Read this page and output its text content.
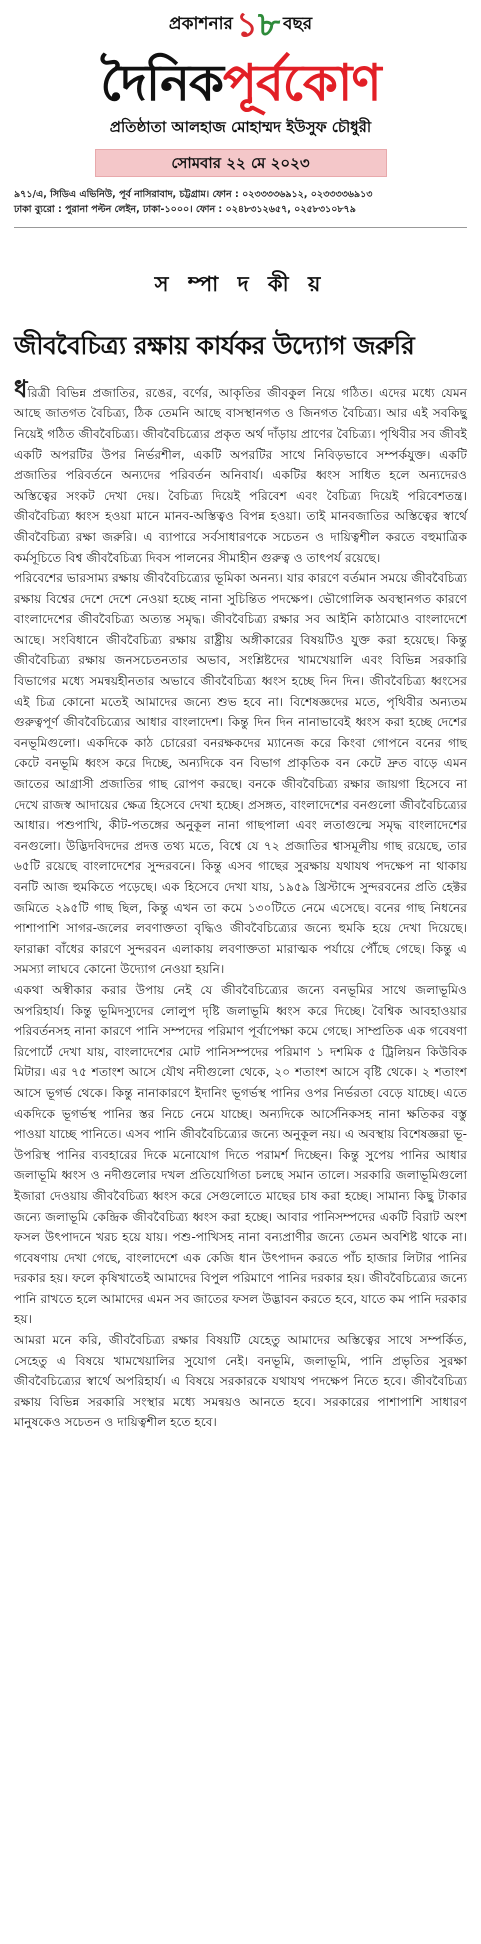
প্রকাশনার ১৮ বছর
দৈনিক পূর্বকোণ
প্রতিষ্ঠাতা আলহাজ মোহাম্মদ ইউসুফ চৌধুরী
সোমবার ২২ মে ২০২৩
৯৭১/এ, সিডিএ এভিনিউ, পূর্ব নাসিরাবাদ, চট্টগ্রাম। ফোন : ০২৩৩৩৩৬৯১২, ০২৩৩৩৩৬৯১৩
ঢাকা ব্যুরো : পুরানা পল্টন লেইন, ঢাকা-১০০০। ফোন : ০২৪৮৩১২৬৫৭, ০২৫৮৩১০৮৭৯
স ম্পা দ কী য়
জীববৈচিত্র্য রক্ষায় কার্যকর উদ্যোগ জরুরি

ধরিত্রী বিভিন্ন প্রজাতির, রঙের, বর্ণের, আকৃতির জীবকুল নিয়ে গঠিত। এদের মধ্যে যেমন আছে জাতগত বৈচিত্র্য, ঠিক তেমনি আছে বাসস্থানগত ও জিনগত বৈচিত্র্য। আর এই সবকিছু নিয়েই গঠিত জীববৈচিত্র্য। জীববৈচিত্র্যের প্রকৃত অর্থ দাঁড়ায় প্রাণের বৈচিত্র্য। পৃথিবীর সব জীবই একটি অপরটির উপর নির্ভরশীল, একটি অপরটির সাথে নিবিড়ভাবে সম্পর্কযুক্ত। একটি প্রজাতির পরিবর্তনে অন্যদের পরিবর্তন অনিবার্য। একটির ধ্বংস সাধিত হলে অন্যদেরও অস্তিত্বের সংকট দেখা দেয়। বৈচিত্র্য দিয়েই পরিবেশ এবং বৈচিত্র্য দিয়েই পরিবেশতন্ত্র। জীববৈচিত্র্য ধ্বংস হওয়া মানে মানব-অস্তিত্বও বিপন্ন হওয়া। তাই মানবজাতির অস্তিত্বের স্বার্থে জীববৈচিত্র্য রক্ষা জরুরি। এ ব্যাপারে সর্বসাধারণকে সচেতন ও দায়িত্বশীল করতে বহুমাত্রিক কর্মসূচিতে বিশ্ব জীববৈচিত্র্য দিবস পালনের সীমাহীন গুরুত্ব ও তাৎপর্য রয়েছে।

পরিবেশের ভারসাম্য রক্ষায় জীববৈচিত্র্যের ভূমিকা অনন্য। যার কারণে বর্তমান সময়ে জীববৈচিত্র্য রক্ষায় বিশ্বের দেশে দেশে নেওয়া হচ্ছে নানা সুচিন্তিত পদক্ষেপ। ভৌগোলিক অবস্থানগত কারণে বাংলাদেশের জীববৈচিত্র্য অত্যন্ত সমৃদ্ধ। জীববৈচিত্র্য রক্ষার সব আইনি কাঠামোও বাংলাদেশে আছে। সংবিধানে জীববৈচিত্র্য রক্ষায় রাষ্ট্রীয় অঙ্গীকারের বিষয়টিও যুক্ত করা হয়েছে। কিন্তু জীববৈচিত্র্য রক্ষায় জনসচেতনতার অভাব, সংশ্লিষ্টদের খামখেয়ালি এবং বিভিন্ন সরকারি বিভাগের মধ্যে সমন্বয়হীনতার অভাবে জীববৈচিত্র্য ধ্বংস হচ্ছে দিন দিন। জীববৈচিত্র্য ধ্বংসের এই চিত্র কোনো মতেই আমাদের জন্যে শুভ হবে না। বিশেষজ্ঞদের মতে, পৃথিবীর অন্যতম গুরুত্বপূর্ণ জীববৈচিত্র্যের আধার বাংলাদেশ। কিন্তু দিন দিন নানাভাবেই ধ্বংস করা হচ্ছে দেশের বনভূমিগুলো। একদিকে কাঠ চোরেরা বনরক্ষকদের ম্যানেজ করে কিংবা গোপনে বনের গাছ কেটে বনভূমি ধ্বংস করে দিচ্ছে, অন্যদিকে বন বিভাগ প্রাকৃতিক বন কেটে দ্রুত বাড়ে এমন জাতের আগ্রাসী প্রজাতির গাছ রোপণ করছে। বনকে জীববৈচিত্র্য রক্ষার জায়গা হিসেবে না দেখে রাজস্ব আদায়ের ক্ষেত্র হিসেবে দেখা হচ্ছে। প্রসঙ্গত, বাংলাদেশের বনগুলো জীববৈচিত্র্যের আধার। পশুপাখি, কীট-পতঙ্গের অনুকূল নানা গাছপালা এবং লতাগুল্মে সমৃদ্ধ বাংলাদেশের বনগুলো। উদ্ভিদবিদদের প্রদত্ত তথ্য মতে, বিশ্বে যে ৭২ প্রজাতির শ্বাসমূলীয় গাছ রয়েছে, তার ৬৫টি রয়েছে বাংলাদেশের সুন্দরবনে। কিন্তু এসব গাছের সুরক্ষায় যথাযথ পদক্ষেপ না থাকায় বনটি আজ হুমকিতে পড়েছে। এক হিসেবে দেখা যায়, ১৯৫৯ খ্রিস্টাব্দে সুন্দরবনের প্রতি হেক্টর জমিতে ২৯৫টি গাছ ছিল, কিন্তু এখন তা কমে ১৩০টিতে নেমে এসেছে। বনের গাছ নিধনের পাশাপাশি সাগর-জলের লবণাক্ততা বৃদ্ধিও জীববৈচিত্র্যের জন্যে হুমকি হয়ে দেখা দিয়েছে। ফারাক্কা বাঁধের কারণে সুন্দরবন এলাকায় লবণাক্ততা মারাত্মক পর্যায়ে পৌঁছে গেছে। কিন্তু এ সমস্যা লাঘবে কোনো উদ্যোগ নেওয়া হয়নি।

একথা অস্বীকার করার উপায় নেই যে জীববৈচিত্র্যের জন্যে বনভূমির সাথে জলাভূমিও অপরিহার্য। কিন্তু ভূমিদস্যুদের লোলুপ দৃষ্টি জলাভূমি ধ্বংস করে দিচ্ছে। বৈশ্বিক আবহাওয়ার পরিবর্তনসহ নানা কারণে পানি সম্পদের পরিমাণ পূর্বাপেক্ষা কমে গেছে। সাম্প্রতিক এক গবেষণা রিপোর্টে দেখা যায়, বাংলাদেশের মোট পানিসম্পদের পরিমাণ ১ দশমিক ৫ ট্রিলিয়ন কিউবিক মিটার। এর ৭৫ শতাংশ আসে যৌথ নদীগুলো থেকে, ২০ শতাংশ আসে বৃষ্টি থেকে। ২ শতাংশ আসে ভূগর্ভ থেকে। কিন্তু নানাকারণে ইদানিং ভূগর্ভস্থ পানির ওপর নির্ভরতা বেড়ে যাচ্ছে। এতে একদিকে ভূগর্ভস্থ পানির স্তর নিচে নেমে যাচ্ছে। অন্যদিকে আর্সেনিকসহ নানা ক্ষতিকর বস্তু পাওয়া যাচ্ছে পানিতে। এসব পানি জীববৈচিত্র্যের জন্যে অনুকূল নয়। এ অবস্থায় বিশেষজ্ঞরা ভূ-উপরিস্থ পানির ব্যবহারের দিকে মনোযোগ দিতে পরামর্শ দিচ্ছেন। কিন্তু সুপেয় পানির আধার জলাভূমি ধ্বংস ও নদীগুলোর দখল প্রতিযোগিতা চলছে সমান তালে। সরকারি জলাভূমিগুলো ইজারা দেওয়ায় জীববৈচিত্র্য ধ্বংস করে সেগুলোতে মাছের চাষ করা হচ্ছে। সামান্য কিছু টাকার জন্যে জলাভূমি কেন্দ্রিক জীববৈচিত্র্য ধ্বংস করা হচ্ছে। আবার পানিসম্পদের একটি বিরাট অংশ ফসল উৎপাদনে খরচ হয়ে যায়। পশু-পাখিসহ নানা বন্যপ্রাণীর জন্যে তেমন অবশিষ্ট থাকে না। গবেষণায় দেখা গেছে, বাংলাদেশে এক কেজি ধান উৎপাদন করতে পাঁচ হাজার লিটার পানির দরকার হয়। ফলে কৃষিখাতেই আমাদের বিপুল পরিমাণে পানির দরকার হয়। জীববৈচিত্র্যের জন্যে পানি রাখতে হলে আমাদের এমন সব জাতের ফসল উদ্ভাবন করতে হবে, যাতে কম পানি দরকার হয়।

আমরা মনে করি, জীববৈচিত্র্য রক্ষার বিষয়টি যেহেতু আমাদের অস্তিত্বের সাথে সম্পর্কিত, সেহেতু এ বিষয়ে খামখেয়ালির সুযোগ নেই। বনভূমি, জলাভূমি, পানি প্রভৃতির সুরক্ষা জীববৈচিত্র্যের স্বার্থে অপরিহার্য। এ বিষয়ে সরকারকে যথাযথ পদক্ষেপ নিতে হবে। জীববৈচিত্র্য রক্ষায় বিভিন্ন সরকারি সংস্থার মধ্যে সমন্বয়ও আনতে হবে। সরকারের পাশাপাশি সাধারণ মানুষকেও সচেতন ও দায়িত্বশীল হতে হবে।
